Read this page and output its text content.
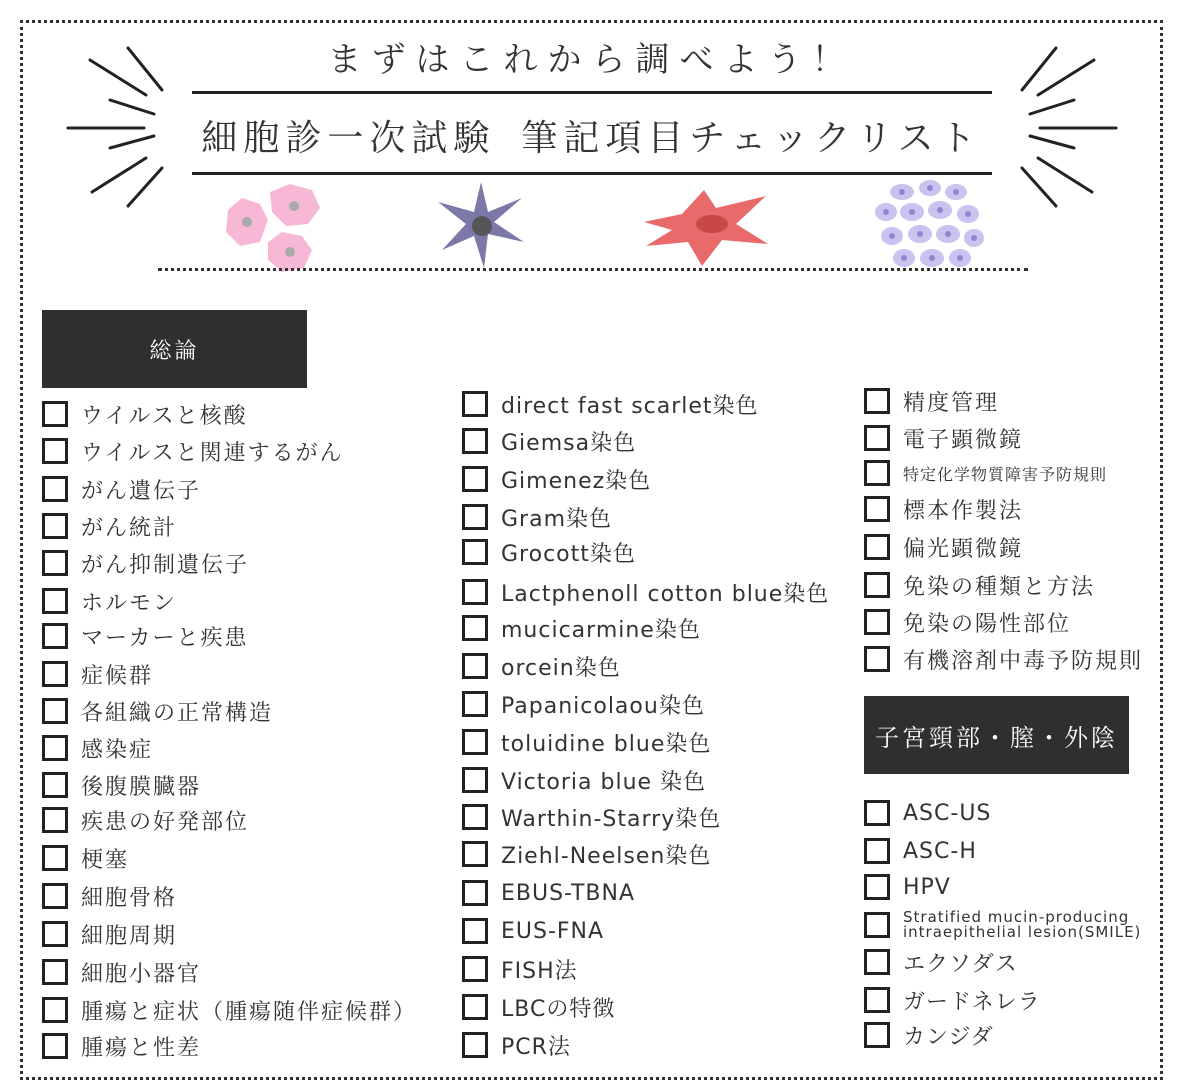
まずはこれから調べよう！
細胞診一次試験 筆記項目チェックリスト
総論
子宮頸部・膣・外陰
ウイルスと核酸
ウイルスと関連するがん
がん遺伝子
がん統計
がん抑制遺伝子
ホルモン
マーカーと疾患
症候群
各組織の正常構造
感染症
後腹膜臓器
疾患の好発部位
梗塞
細胞骨格
細胞周期
細胞小器官
腫瘍と症状（腫瘍随伴症候群）
腫瘍と性差
direct fast scarlet染色
Giemsa染色
Gimenez染色
Gram染色
Grocott染色
Lactphenoll cotton blue染色
mucicarmine染色
orcein染色
Papanicolaou染色
toluidine blue染色
Victoria blue 染色
Warthin-Starry染色
Ziehl-Neelsen染色
EBUS-TBNA
EUS-FNA
FISH法
LBCの特徴
PCR法
精度管理
電子顕微鏡
特定化学物質障害予防規則
標本作製法
偏光顕微鏡
免染の種類と方法
免染の陽性部位
有機溶剤中毒予防規則
ASC-US
ASC-H
HPV
Stratified mucin-producing
intraepithelial lesion(SMILE)
エクソダス
ガードネレラ
カンジダ
